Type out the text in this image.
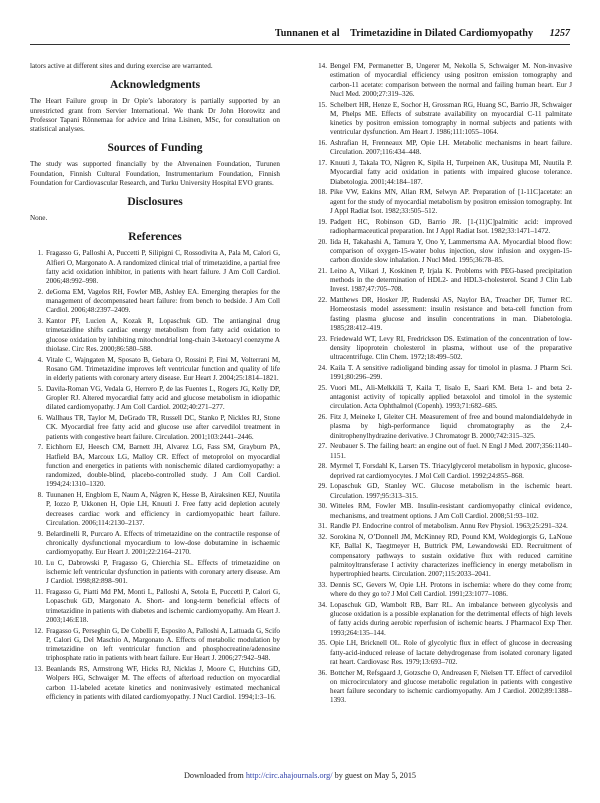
Tunnanen et al Trimetazidine in Dilated Cardiomyopathy 1257

lators active at different sites and during exercise are warranted.

Acknowledgments

The Heart Failure group in Dr Opie’s laboratory is partially supported by an unrestricted grant from Servier International. We thank Dr John Horowitz and Professor Tapani Rönnemaa for advice and Irina Lisinen, MSc, for consultation on statistical analyses.

Sources of Funding

The study was supported financially by the Ahvenainen Foundation, Turunen Foundation, Finnish Cultural Foundation, Instrumentarium Foundation, Finnish Foundation for Cardiovascular Research, and Turku University Hospital EVO grants.

Disclosures

None.

References
1. Fragasso G, Palloshi A, Puccetti P, Silipigni C, Rossodivita A, Pala M, Calori G, Alfieri O, Margonato A. A randomized clinical trial of trimetazidine, a partial free fatty acid oxidation inhibitor, in patients with heart failure. J Am Coll Cardiol. 2006;48:992–998.
2. deGoma EM, Vagelos RH, Fowler MB, Ashley EA. Emerging therapies for the management of decompensated heart failure: from bench to bedside. J Am Coll Cardiol. 2006;48:2397–2409.
3. Kantor PF, Lucien A, Kozak R, Lopaschuk GD. The antianginal drug trimetazidine shifts cardiac energy metabolism from fatty acid oxidation to glucose oxidation by inhibiting mitochondrial long-chain 3-ketoacyl coenzyme A thiolase. Circ Res. 2000;86:580–588.
4. Vitale C, Wajngaten M, Sposato B, Gebara O, Rossini P, Fini M, Volterrani M, Rosano GM. Trimetazidine improves left ventricular function and quality of life in elderly patients with coronary artery disease. Eur Heart J. 2004;25:1814–1821.
5. Davila-Roman VG, Vedala G, Herrero P, de las Fuentes L, Rogers JG, Kelly DP, Gropler RJ. Altered myocardial fatty acid and glucose metabolism in idiopathic dilated cardiomyopathy. J Am Coll Cardiol. 2002;40:271–277.
6. Wallhaus TR, Taylor M, DeGrado TR, Russell DC, Stanko P, Nickles RJ, Stone CK. Myocardial free fatty acid and glucose use after carvedilol treatment in patients with congestive heart failure. Circulation. 2001;103:2441–2446.
7. Eichhorn EJ, Heesch CM, Barnett JH, Alvarez LG, Fass SM, Grayburn PA, Hatfield BA, Marcoux LG, Malloy CR. Effect of metoprolol on myocardial function and energetics in patients with nonischemic dilated cardiomyopathy: a randomized, double-blind, placebo-controlled study. J Am Coll Cardiol. 1994;24:1310–1320.
8. Tuunanen H, Engblom E, Naum A, Någren K, Hesse B, Airaksinen KEJ, Nuutila P, Iozzo P, Ukkonen H, Opie LH, Knuuti J. Free fatty acid depletion acutely decreases cardiac work and efficiency in cardiomyopathic heart failure. Circulation. 2006;114:2130–2137.
9. Belardinelli R, Purcaro A. Effects of trimetazidine on the contractile response of chronically dysfunctional myocardium to low-dose dobutamine in ischaemic cardiomyopathy. Eur Heart J. 2001;22:2164–2170.
10. Lu C, Dabrowski P, Fragasso G, Chierchia SL. Effects of trimetazidine on ischemic left ventricular dysfunction in patients with coronary artery disease. Am J Cardiol. 1998;82:898–901.
11. Fragasso G, Piatti Md PM, Monti L, Palloshi A, Setola E, Puccetti P, Calori G, Lopaschuk GD, Margonato A. Short- and long-term beneficial effects of trimetazidine in patients with diabetes and ischemic cardiomyopathy. Am Heart J. 2003;146:E18.
12. Fragasso G, Perseghin G, De Cobelli F, Esposito A, Palloshi A, Lattuada G, Scifo P, Calori G, Del Maschio A, Margonato A. Effects of metabolic modulation by trimetazidine on left ventricular function and phosphocreatine/adenosine triphosphate ratio in patients with heart failure. Eur Heart J. 2006;27:942–948.
13. Beanlands RS, Armstrong WF, Hicks RJ, Nicklas J, Moore C, Hutchins GD, Wolpers HG, Schwaiger M. The effects of afterload reduction on myocardial carbon 11-labeled acetate kinetics and noninvasively estimated mechanical efficiency in patients with dilated cardiomyopathy. J Nucl Cardiol. 1994;1:3–16.
14. Bengel FM, Permanetter B, Ungerer M, Nekolla S, Schwaiger M. Non-invasive estimation of myocardial efficiency using positron emission tomography and carbon-11 acetate: comparison between the normal and failing human heart. Eur J Nucl Med. 2000;27:319–326.
15. Schelbert HR, Henze E, Sochor H, Grossman RG, Huang SC, Barrio JR, Schwaiger M, Phelps ME. Effects of substrate availability on myocardial C-11 palmitate kinetics by positron emission tomography in normal subjects and patients with ventricular dysfunction. Am Heart J. 1986;111:1055–1064.
16. Ashrafian H, Frenneaux MP, Opie LH. Metabolic mechanisms in heart failure. Circulation. 2007;116:434–448.
17. Knuuti J, Takala TO, Någren K, Sipila H, Turpeinen AK, Uusitupa MI, Nuutila P. Myocardial fatty acid oxidation in patients with impaired glucose tolerance. Diabetologia. 2001;44:184–187.
18. Pike VW, Eakins MN, Allan RM, Selwyn AP. Preparation of [1-11C]acetate: an agent for the study of myocardial metabolism by positron emission tomography. Int J Appl Radiat Isot. 1982;33:505–512.
19. Padgett HC, Robinson GD, Barrio JR. [1-(11)C]palmitic acid: improved radiopharmaceutical preparation. Int J Appl Radiat Isot. 1982;33:1471–1472.
20. Iida H, Takahashi A, Tamura Y, Ono Y, Lammertsma AA. Myocardial blood flow: comparison of oxygen-15-water bolus injection, slow infusion and oxygen-15-carbon dioxide slow inhalation. J Nucl Med. 1995;36:78–85.
21. Leino A, Viikari J, Koskinen P, Irjala K. Problems with PEG-based precipitation methods in the determination of HDL2- and HDL3-cholesterol. Scand J Clin Lab Invest. 1987;47:705–708.
22. Matthews DR, Hosker JP, Rudenski AS, Naylor BA, Treacher DF, Turner RC. Homeostasis model assessment: insulin resistance and beta-cell function from fasting plasma glucose and insulin concentrations in man. Diabetologia. 1985;28:412–419.
23. Friedewald WT, Levy RI, Fredrickson DS. Estimation of the concentration of low-density lipoprotein cholesterol in plasma, without use of the preparative ultracentrifuge. Clin Chem. 1972;18:499–502.
24. Kaila T. A sensitive radioligand binding assay for timolol in plasma. J Pharm Sci. 1991;80:296–299.
25. Vuori ML, Ali-Melkkilä T, Kaila T, Iisalo E, Saari KM. Beta 1- and beta 2-antagonist activity of topically applied betaxolol and timolol in the systemic circulation. Acta Ophthalmol (Copenh). 1993;71:682–685.
26. Fitz J, Meineke I, Gleiter CH. Measurement of free and bound malondialdehyde in plasma by high-performance liquid chromatography as the 2,4-dinitrophenylhydrazine derivative. J Chromatogr B. 2000;742:315–325.
27. Neubauer S. The failing heart: an engine out of fuel. N Engl J Med. 2007;356:1140–1151.
28. Myrmel T, Forsdahl K, Larsen TS. Triacylglycerol metabolism in hypoxic, glucose-deprived rat cardiomyocytes. J Mol Cell Cardiol. 1992;24:855–868.
29. Lopaschuk GD, Stanley WC. Glucose metabolism in the ischemic heart. Circulation. 1997;95:313–315.
30. Witteles RM, Fowler MB. Insulin-resistant cardiomyopathy clinical evidence, mechanisms, and treatment options. J Am Coll Cardiol. 2008;51:93–102.
31. Randle PJ. Endocrine control of metabolism. Annu Rev Physiol. 1963;25:291–324.
32. Sorokina N, O’Donnell JM, McKinney RD, Pound KM, Woldegiorgis G, LaNoue KF, Ballal K, Taegtmeyer H, Buttrick PM, Lewandowski ED. Recruitment of compensatory pathways to sustain oxidative flux with reduced carnitine palmitoyltransferase I activity characterizes inefficiency in energy metabolism in hypertrophied hearts. Circulation. 2007;115:2033–2041.
33. Dennis SC, Gevers W, Opie LH. Protons in ischemia: where do they come from; where do they go to? J Mol Cell Cardiol. 1991;23:1077–1086.
34. Lopaschuk GD, Wambolt RB, Barr RL. An imbalance between glycolysis and glucose oxidation is a possible explanation for the detrimental effects of high levels of fatty acids during aerobic reperfusion of ischemic hearts. J Pharmacol Exp Ther. 1993;264:135–144.
35. Opie LH, Bricknell OL. Role of glycolytic flux in effect of glucose in decreasing fatty-acid-induced release of lactate dehydrogenase from isolated coronary ligated rat heart. Cardiovasc Res. 1979;13:693–702.
36. Bottcher M, Refsgaard J, Gotzsche O, Andreasen F, Nielsen TT. Effect of carvedilol on microcirculatory and glucose metabolic regulation in patients with congestive heart failure secondary to ischemic cardiomyopathy. Am J Cardiol. 2002;89:1388–1393.
Downloaded from http://circ.ahajournals.org/ by guest on May 5, 2015
